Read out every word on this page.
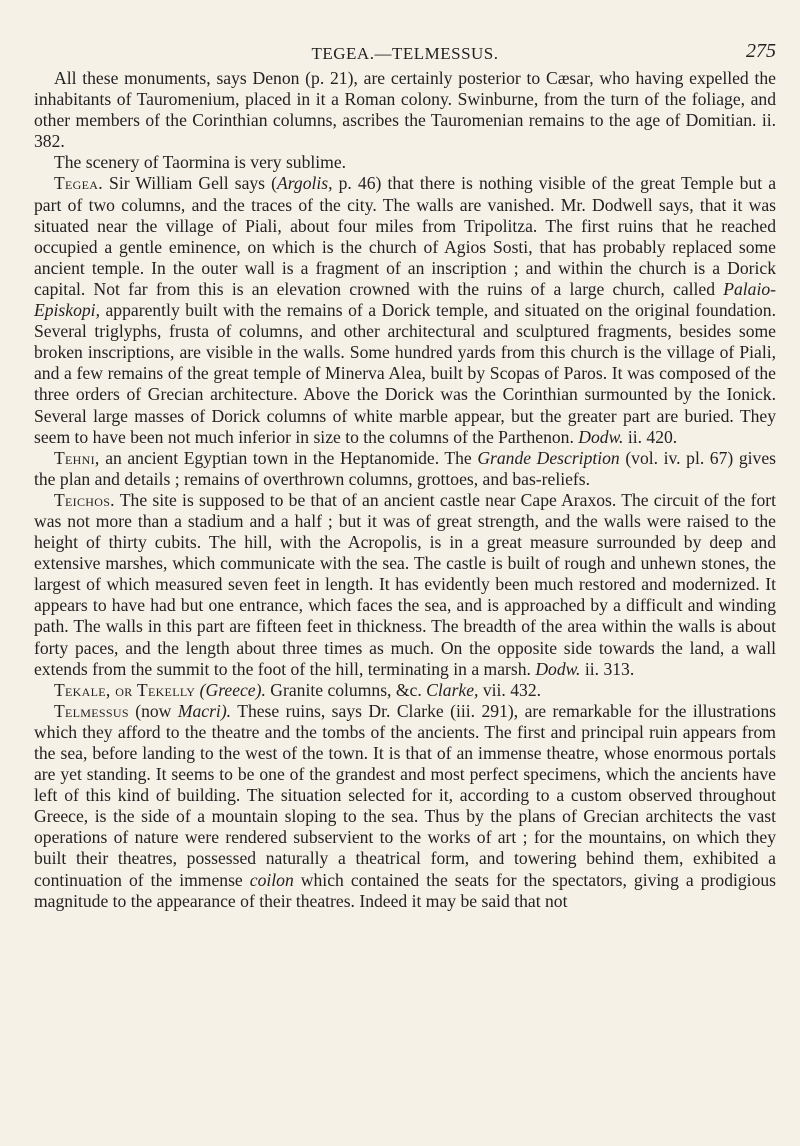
TEGEA.—TELMESSUS.	275

All these monuments, says Denon (p. 21), are certainly posterior to Cæsar, who having expelled the inhabitants of Tauromenium, placed in it a Roman colony. Swinburne, from the turn of the foliage, and other members of the Corinthian columns, ascribes the Tauromenian remains to the age of Domitian. ii. 382.

The scenery of Taormina is very sublime.

Tegea. Sir William Gell says (Argolis, p. 46) that there is nothing visible of the great Temple but a part of two columns, and the traces of the city. The walls are vanished. Mr. Dodwell says, that it was situated near the village of Piali, about four miles from Tripolitza. The first ruins that he reached occupied a gentle eminence, on which is the church of Agios Sosti, that has probably replaced some ancient temple. In the outer wall is a fragment of an inscription ; and within the church is a Dorick capital. Not far from this is an elevation crowned with the ruins of a large church, called Palaio-Episkopi, apparently built with the remains of a Dorick temple, and situated on the original foundation. Several triglyphs, frusta of columns, and other architectural and sculptured fragments, besides some broken inscriptions, are visible in the walls. Some hundred yards from this church is the village of Piali, and a few remains of the great temple of Minerva Alea, built by Scopas of Paros. It was composed of the three orders of Grecian architecture. Above the Dorick was the Corinthian surmounted by the Ionick. Several large masses of Dorick columns of white marble appear, but the greater part are buried. They seem to have been not much inferior in size to the columns of the Parthenon. Dodw. ii. 420.

Tehni, an ancient Egyptian town in the Heptanomide. The Grande Description (vol. iv. pl. 67) gives the plan and details ; remains of overthrown columns, grottoes, and bas-reliefs.

Teichos. The site is supposed to be that of an ancient castle near Cape Araxos. The circuit of the fort was not more than a stadium and a half ; but it was of great strength, and the walls were raised to the height of thirty cubits. The hill, with the Acropolis, is in a great measure surrounded by deep and extensive marshes, which communicate with the sea. The castle is built of rough and unhewn stones, the largest of which measured seven feet in length. It has evidently been much restored and modernized. It appears to have had but one entrance, which faces the sea, and is approached by a difficult and winding path. The walls in this part are fifteen feet in thickness. The breadth of the area within the walls is about forty paces, and the length about three times as much. On the opposite side towards the land, a wall extends from the summit to the foot of the hill, terminating in a marsh. Dodw. ii. 313.

Tekale, or Tekelly (Greece). Granite columns, &c. Clarke, vii. 432.

Telmessus (now Macri). These ruins, says Dr. Clarke (iii. 291), are remarkable for the illustrations which they afford to the theatre and the tombs of the ancients. The first and principal ruin appears from the sea, before landing to the west of the town. It is that of an immense theatre, whose enormous portals are yet standing. It seems to be one of the grandest and most perfect specimens, which the ancients have left of this kind of building. The situation selected for it, according to a custom observed throughout Greece, is the side of a mountain sloping to the sea. Thus by the plans of Grecian architects the vast operations of nature were rendered subservient to the works of art ; for the mountains, on which they built their theatres, possessed naturally a theatrical form, and towering behind them, exhibited a continuation of the immense coilon which contained the seats for the spectators, giving a prodigious magnitude to the appearance of their theatres. Indeed it may be said that not
